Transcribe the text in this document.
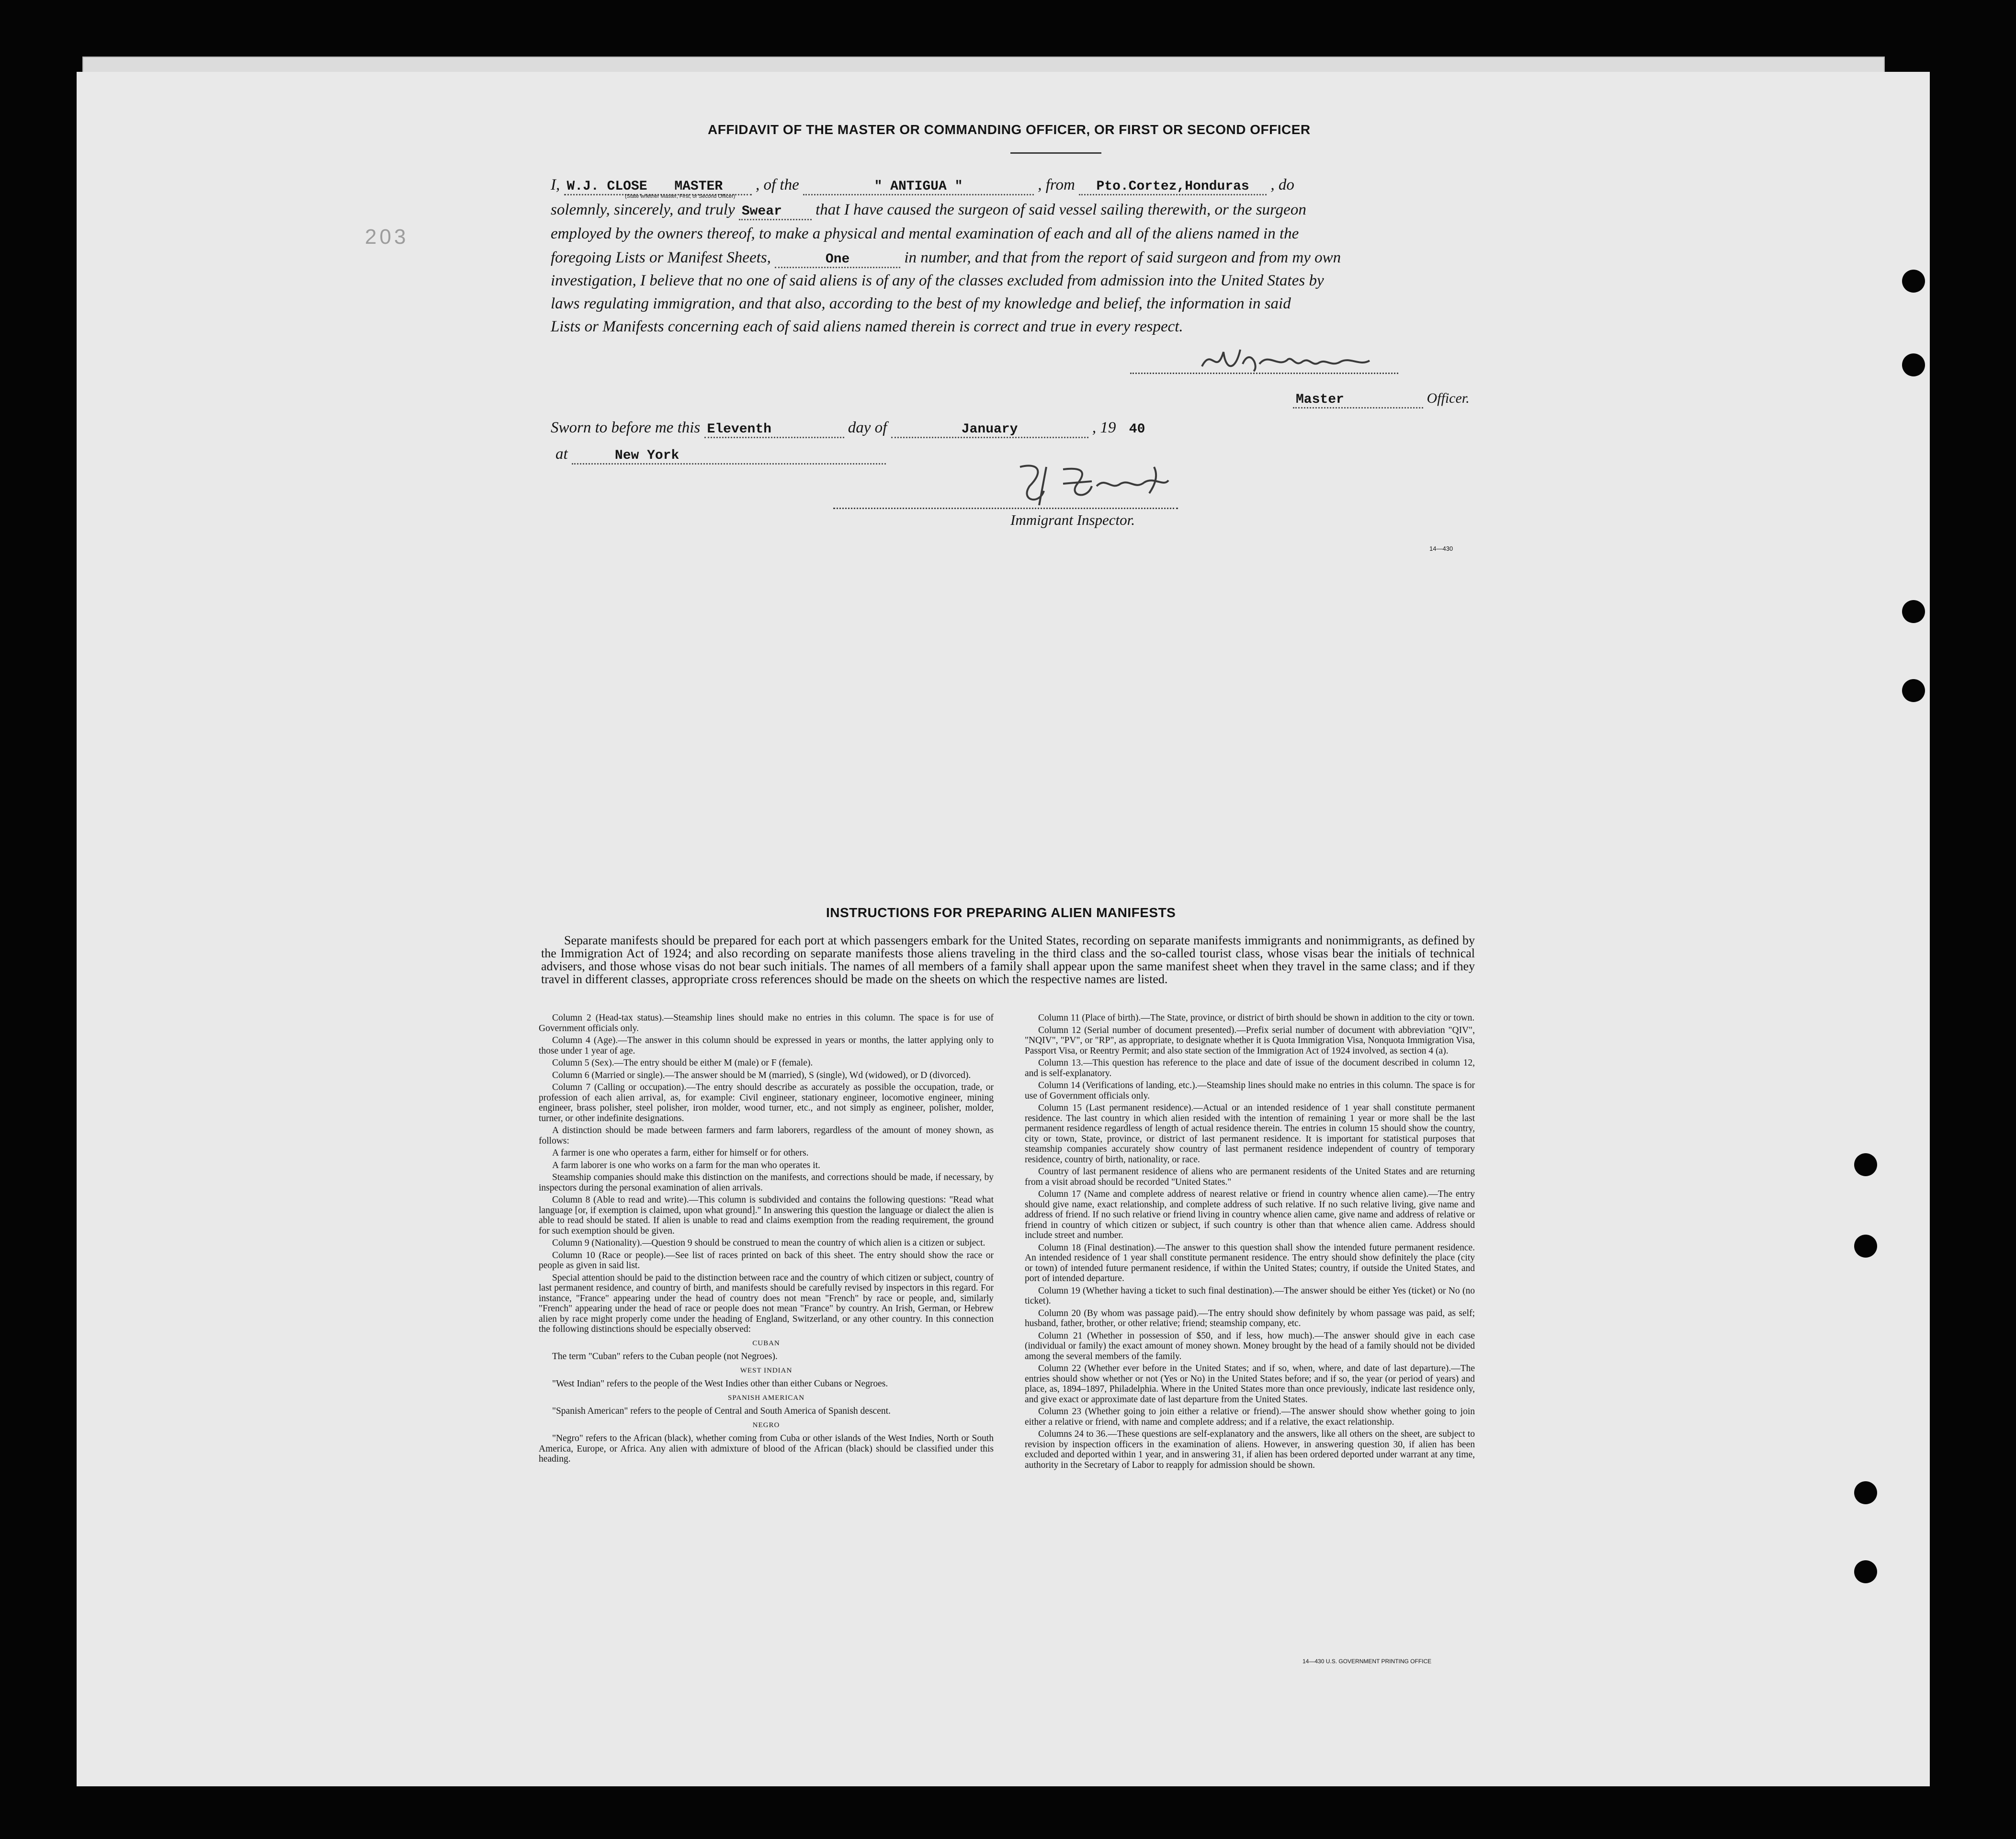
203
AFFIDAVIT OF THE MASTER OR COMMANDING OFFICER, OR FIRST OR SECOND OFFICER
I, W.J. CLOSE MASTER , of the	" ANTIGUA "	, from Pto.Cortez,Honduras , do
(State whether Master, First, or Second Officer)
solemnly, sincerely, and truly Swear that I have caused the surgeon of said vessel sailing therewith, or the surgeon
employed by the owners thereof, to make a physical and mental examination of each and all of the aliens named in the
foregoing Lists or Manifest Sheets,	One	in number, and that from the report of said surgeon and from my own
investigation, I believe that no one of said aliens is of any of the classes excluded from admission into the United States by
laws regulating immigration, and that also, according to the best of my knowledge and belief, the information in said
Lists or Manifests concerning each of said aliens named therein is correct and true in every respect.
Master	Officer.
Sworn to before me this Eleventh	day of	January	, 19 40
at	New York
Immigrant Inspector.
14—430
INSTRUCTIONS FOR PREPARING ALIEN MANIFESTS
Separate manifests should be prepared for each port at which passengers embark for the United States, recording on separate manifests immigrants and nonimmigrants, as defined by the Immigration Act of 1924; and also recording on separate manifests those aliens traveling in the third class and the so-called tourist class, whose visas bear the initials of technical advisers, and those whose visas do not bear such initials. The names of all members of a family shall appear upon the same manifest sheet when they travel in the same class; and if they travel in different classes, appropriate cross references should be made on the sheets on which the respective names are listed.

Column 2 (Head-tax status).—Steamship lines should make no entries in this column. The space is for use of Government officials only.

Column 4 (Age).—The answer in this column should be expressed in years or months, the latter applying only to those under 1 year of age.

Column 5 (Sex).—The entry should be either M (male) or F (female).

Column 6 (Married or single).—The answer should be M (married), S (single), Wd (widowed), or D (divorced).

Column 7 (Calling or occupation).—The entry should describe as accurately as possible the occupation, trade, or profession of each alien arrival, as, for example: Civil engineer, stationary engineer, locomotive engineer, mining engineer, brass polisher, steel polisher, iron molder, wood turner, etc., and not simply as engineer, polisher, molder, turner, or other indefinite designations.

A distinction should be made between farmers and farm laborers, regardless of the amount of money shown, as follows:

A farmer is one who operates a farm, either for himself or for others.

A farm laborer is one who works on a farm for the man who operates it.

Steamship companies should make this distinction on the manifests, and corrections should be made, if necessary, by inspectors during the personal examination of alien arrivals.

Column 8 (Able to read and write).—This column is subdivided and contains the following questions: "Read what language [or, if exemption is claimed, upon what ground]." In answering this question the language or dialect the alien is able to read should be stated. If alien is unable to read and claims exemption from the reading requirement, the ground for such exemption should be given.

Column 9 (Nationality).—Question 9 should be construed to mean the country of which alien is a citizen or subject.

Column 10 (Race or people).—See list of races printed on back of this sheet. The entry should show the race or people as given in said list.

Special attention should be paid to the distinction between race and the country of which citizen or subject, country of last permanent residence, and country of birth, and manifests should be carefully revised by inspectors in this regard. For instance, "France" appearing under the head of country does not mean "French" by race or people, and, similarly "French" appearing under the head of race or people does not mean "France" by country. An Irish, German, or Hebrew alien by race might properly come under the heading of England, Switzerland, or any other country. In this connection the following distinctions should be especially observed:

CUBAN

The term "Cuban" refers to the Cuban people (not Negroes).

WEST INDIAN

"West Indian" refers to the people of the West Indies other than either Cubans or Negroes.

SPANISH AMERICAN

"Spanish American" refers to the people of Central and South America of Spanish descent.

NEGRO

"Negro" refers to the African (black), whether coming from Cuba or other islands of the West Indies, North or South America, Europe, or Africa. Any alien with admixture of blood of the African (black) should be classified under this heading.

Column 11 (Place of birth).—The State, province, or district of birth should be shown in addition to the city or town.

Column 12 (Serial number of document presented).—Prefix serial number of document with abbreviation "QIV", "NQIV", "PV", or "RP", as appropriate, to designate whether it is Quota Immigration Visa, Nonquota Immigration Visa, Passport Visa, or Reentry Permit; and also state section of the Immigration Act of 1924 involved, as section 4 (a).

Column 13.—This question has reference to the place and date of issue of the document described in column 12, and is self-explanatory.

Column 14 (Verifications of landing, etc.).—Steamship lines should make no entries in this column. The space is for use of Government officials only.

Column 15 (Last permanent residence).—Actual or an intended residence of 1 year shall constitute permanent residence. The last country in which alien resided with the intention of remaining 1 year or more shall be the last permanent residence regardless of length of actual residence therein. The entries in column 15 should show the country, city or town, State, province, or district of last permanent residence. It is important for statistical purposes that steamship companies accurately show country of last permanent residence independent of country of temporary residence, country of birth, nationality, or race.

Country of last permanent residence of aliens who are permanent residents of the United States and are returning from a visit abroad should be recorded "United States."

Column 17 (Name and complete address of nearest relative or friend in country whence alien came).—The entry should give name, exact relationship, and complete address of such relative. If no such relative living, give name and address of friend. If no such relative or friend living in country whence alien came, give name and address of relative or friend in country of which citizen or subject, if such country is other than that whence alien came. Address should include street and number.

Column 18 (Final destination).—The answer to this question shall show the intended future permanent residence. An intended residence of 1 year shall constitute permanent residence. The entry should show definitely the place (city or town) of intended future permanent residence, if within the United States; country, if outside the United States, and port of intended departure.

Column 19 (Whether having a ticket to such final destination).—The answer should be either Yes (ticket) or No (no ticket).

Column 20 (By whom was passage paid).—The entry should show definitely by whom passage was paid, as self; husband, father, brother, or other relative; friend; steamship company, etc.

Column 21 (Whether in possession of $50, and if less, how much).—The answer should give in each case (individual or family) the exact amount of money shown. Money brought by the head of a family should not be divided among the several members of the family.

Column 22 (Whether ever before in the United States; and if so, when, where, and date of last departure).—The entries should show whether or not (Yes or No) in the United States before; and if so, the year (or period of years) and place, as, 1894–1897, Philadelphia. Where in the United States more than once previously, indicate last residence only, and give exact or approximate date of last departure from the United States.

Column 23 (Whether going to join either a relative or friend).—The answer should show whether going to join either a relative or friend, with name and complete address; and if a relative, the exact relationship.

Columns 24 to 36.—These questions are self-explanatory and the answers, like all others on the sheet, are subject to revision by inspection officers in the examination of aliens. However, in answering question 30, if alien has been excluded and deported within 1 year, and in answering 31, if alien has been ordered deported under warrant at any time, authority in the Secretary of Labor to reapply for admission should be shown.

14—430 U.S. GOVERNMENT PRINTING OFFICE
